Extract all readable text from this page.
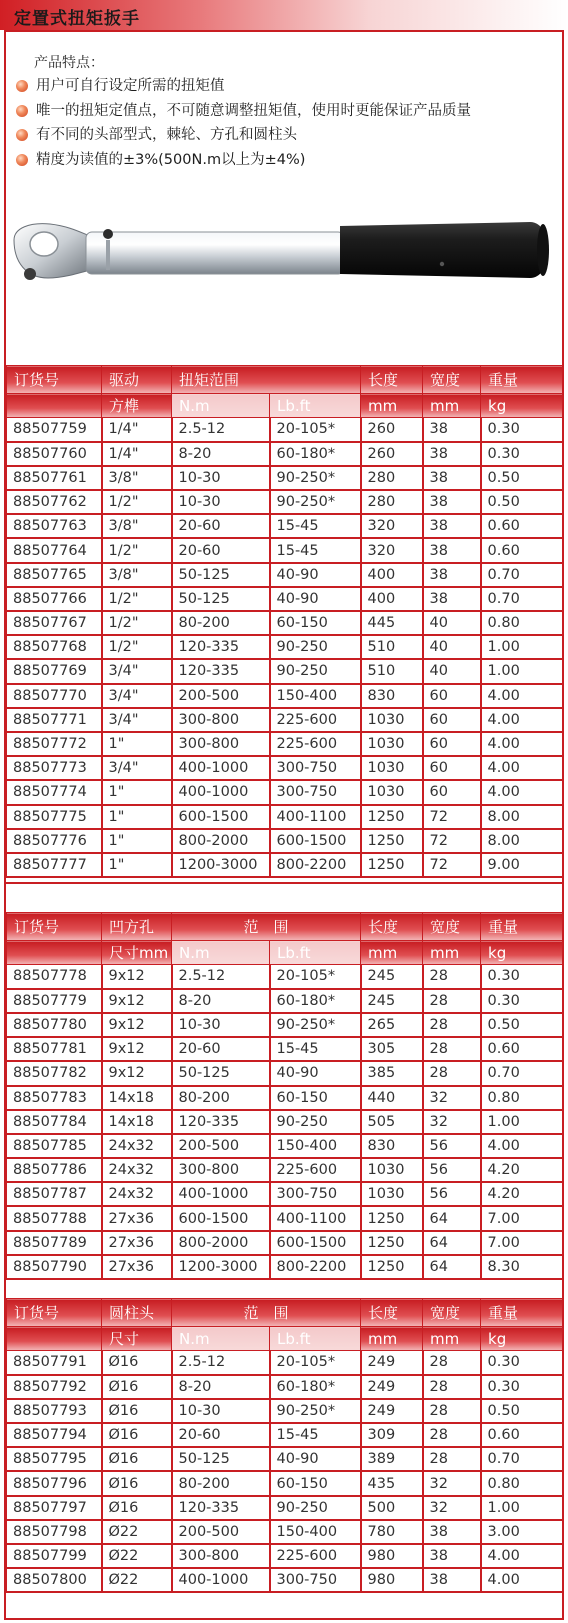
定置式扭矩扳手
产品特点：
用户可自行设定所需的扭矩值
唯一的扭矩定值点，不可随意调整扭矩值，使用时更能保证产品质量
有不同的头部型式，棘轮、方孔和圆柱头
精度为读值的±3%(500N.m以上为±4%)
订货号	驱动	扭矩范围		长度	宽度	重量
	方榫	N.m	Lb.ft	mm	mm	kg
88507759	1/4"	2.5-12	20-105*	260	38	0.30
88507760	1/4"	8-20	60-180*	260	38	0.30
88507761	3/8"	10-30	90-250*	280	38	0.50
88507762	1/2"	10-30	90-250*	280	38	0.50
88507763	3/8"	20-60	15-45	320	38	0.60
88507764	1/2"	20-60	15-45	320	38	0.60
88507765	3/8"	50-125	40-90	400	38	0.70
88507766	1/2"	50-125	40-90	400	38	0.70
88507767	1/2"	80-200	60-150	445	40	0.80
88507768	1/2"	120-335	90-250	510	40	1.00
88507769	3/4"	120-335	90-250	510	40	1.00
88507770	3/4"	200-500	150-400	830	60	4.00
88507771	3/4"	300-800	225-600	1030	60	4.00
88507772	1"	300-800	225-600	1030	60	4.00
88507773	3/4"	400-1000	300-750	1030	60	4.00
88507774	1"	400-1000	300-750	1030	60	4.00
88507775	1"	600-1500	400-1100	1250	72	8.00
88507776	1"	800-2000	600-1500	1250	72	8.00
88507777	1"	1200-3000	800-2200	1250	72	9.00
订货号	凹方孔	范　围		长度	宽度	重量
	尺寸mm	N.m	Lb.ft	mm	mm	kg
88507778	9x12	2.5-12	20-105*	245	28	0.30
88507779	9x12	8-20	60-180*	245	28	0.30
88507780	9x12	10-30	90-250*	265	28	0.50
88507781	9x12	20-60	15-45	305	28	0.60
88507782	9x12	50-125	40-90	385	28	0.70
88507783	14x18	80-200	60-150	440	32	0.80
88507784	14x18	120-335	90-250	505	32	1.00
88507785	24x32	200-500	150-400	830	56	4.00
88507786	24x32	300-800	225-600	1030	56	4.20
88507787	24x32	400-1000	300-750	1030	56	4.20
88507788	27x36	600-1500	400-1100	1250	64	7.00
88507789	27x36	800-2000	600-1500	1250	64	7.00
88507790	27x36	1200-3000	800-2200	1250	64	8.30
订货号	圆柱头	范　围		长度	宽度	重量
	尺寸	N.m	Lb.ft	mm	mm	kg
88507791	Ø16	2.5-12	20-105*	249	28	0.30
88507792	Ø16	8-20	60-180*	249	28	0.30
88507793	Ø16	10-30	90-250*	249	28	0.50
88507794	Ø16	20-60	15-45	309	28	0.60
88507795	Ø16	50-125	40-90	389	28	0.70
88507796	Ø16	80-200	60-150	435	32	0.80
88507797	Ø16	120-335	90-250	500	32	1.00
88507798	Ø22	200-500	150-400	780	38	3.00
88507799	Ø22	300-800	225-600	980	38	4.00
88507800	Ø22	400-1000	300-750	980	38	4.00
